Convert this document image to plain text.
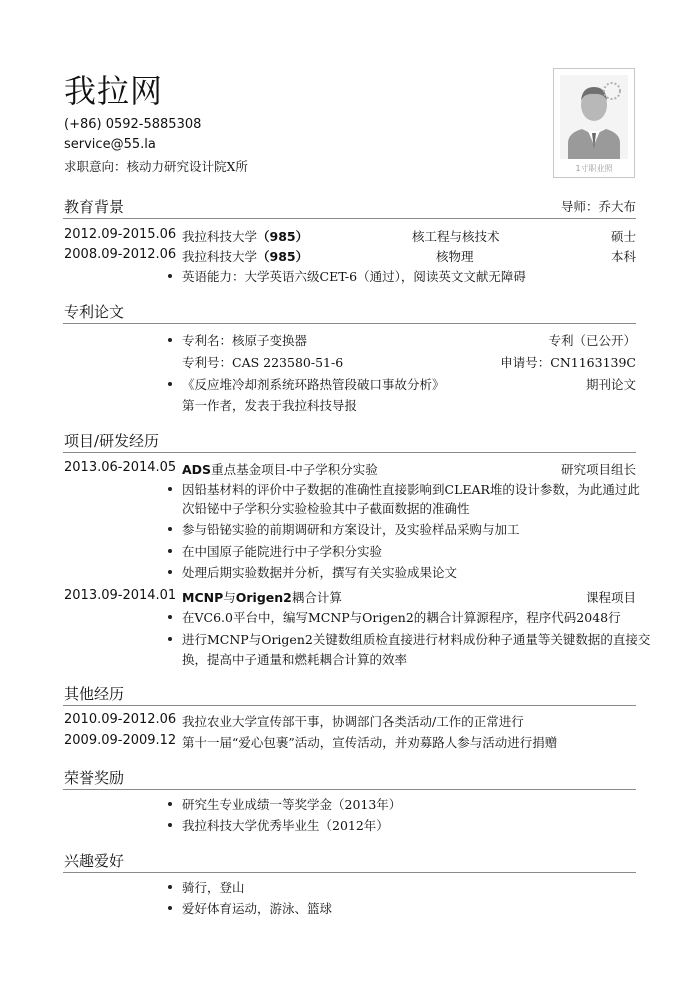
我拉网
(+86) 0592-5885308
service@55.la
求职意向：核动力研究设计院X所	1寸职业照
教育背景	导师：乔大布
2012.09-2015.06 我拉科技大学（985）	核工程与核技术	硕士
2008.09-2012.06 我拉科技大学（985）	核物理	本科
英语能力：大学英语六级CET-6（通过），阅读英文文献无障碍
专利论文
专利名：核原子变换器	专利（已公开）
专利号：CAS 223580-51-6	申请号：CN1163139C
《反应堆冷却剂系统环路热管段破口事故分析》	期刊论文
第一作者，发表于我拉科技导报
项目/研发经历
2013.06-2014.05 ADS重点基金项目-中子学积分实验	研究项目组长
因铅基材料的评价中子数据的准确性直接影响到CLEAR堆的设计参数，为此通过此
次铅铋中子学积分实验检验其中子截面数据的准确性
参与铅铋实验的前期调研和方案设计，及实验样品采购与加工
在中国原子能院进行中子学积分实验
处理后期实验数据并分析，撰写有关实验成果论文
2013.09-2014.01 MCNP与Origen2耦合计算	课程项目
在VC6.0平台中，编写MCNP与Origen2的耦合计算源程序，程序代码2048行
进行MCNP与Origen2关键数组质检直接进行材料成份种子通量等关键数据的直接交
换，提高中子通量和燃耗耦合计算的效率
其他经历
2010.09-2012.06 我拉农业大学宣传部干事，协调部门各类活动/工作的正常进行
2009.09-2009.12 第十一届“爱心包裹”活动，宣传活动，并劝募路人参与活动进行捐赠
荣誉奖励
研究生专业成绩一等奖学金（2013年）
我拉科技大学优秀毕业生（2012年）
兴趣爱好
骑行，登山
爱好体育运动，游泳、篮球
